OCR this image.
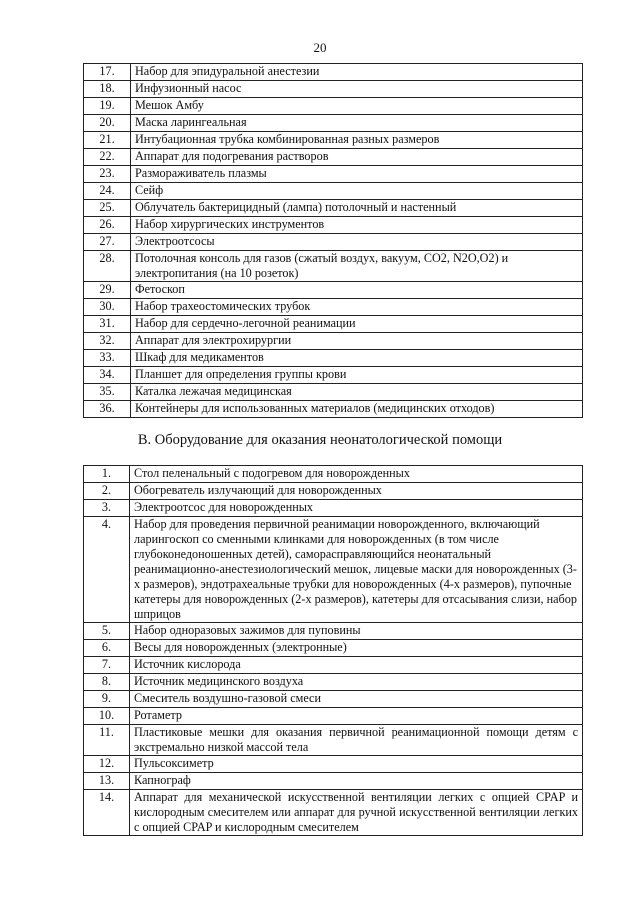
20
17.	Набор для эпидуральной анестезии
18.	Инфузионный насос
19.	Мешок Амбу
20.	Маска ларингеальная
21.	Интубационная трубка комбинированная разных размеров
22.	Аппарат для подогревания растворов
23.	Размораживатель плазмы
24.	Сейф
25.	Облучатель бактерицидный (лампа) потолочный и настенный
26.	Набор хирургических инструментов
27.	Электроотсосы
28.	Потолочная консоль для газов (сжатый воздух, вакуум, CO2, N2O,O2) и электропитания (на 10 розеток)
29.	Фетоскоп
30.	Набор трахеостомических трубок
31.	Набор для сердечно-легочной реанимации
32.	Аппарат для электрохирургии
33.	Шкаф для медикаментов
34.	Планшет для определения группы крови
35.	Каталка лежачая медицинская
36.	Контейнеры для использованных материалов (медицинских отходов)
В. Оборудование для оказания неонатологической помощи
1.	Стол пеленальный с подогревом для новорожденных
2.	Обогреватель излучающий для новорожденных
3.	Электроотсос для новорожденных
4.	Набор для проведения первичной реанимации новорожденного, включающий ларингоскоп со сменными клинками для новорожденных (в том числе глубоконедоношенных детей), саморасправляющийся неонатальный реанимационно-анестезиологический мешок, лицевые маски для новорожденных (3-х размеров), эндотрахеальные трубки для новорожденных (4-х размеров), пупочные катетеры для новорожденных (2-х размеров), катетеры для отсасывания слизи, набор шприцов
5.	Набор одноразовых зажимов для пуповины
6.	Весы для новорожденных (электронные)
7.	Источник кислорода
8.	Источник медицинского воздуха
9.	Смеситель воздушно-газовой смеси
10.	Ротаметр
11.	Пластиковые мешки для оказания первичной реанимационной помощи детям с экстремально низкой массой тела
12.	Пульсоксиметр
13.	Капнограф
14.	Аппарат для механической искусственной вентиляции легких с опцией CPAP и кислородным смесителем или аппарат для ручной искусственной вентиляции легких с опцией CPAP и кислородным смесителем
